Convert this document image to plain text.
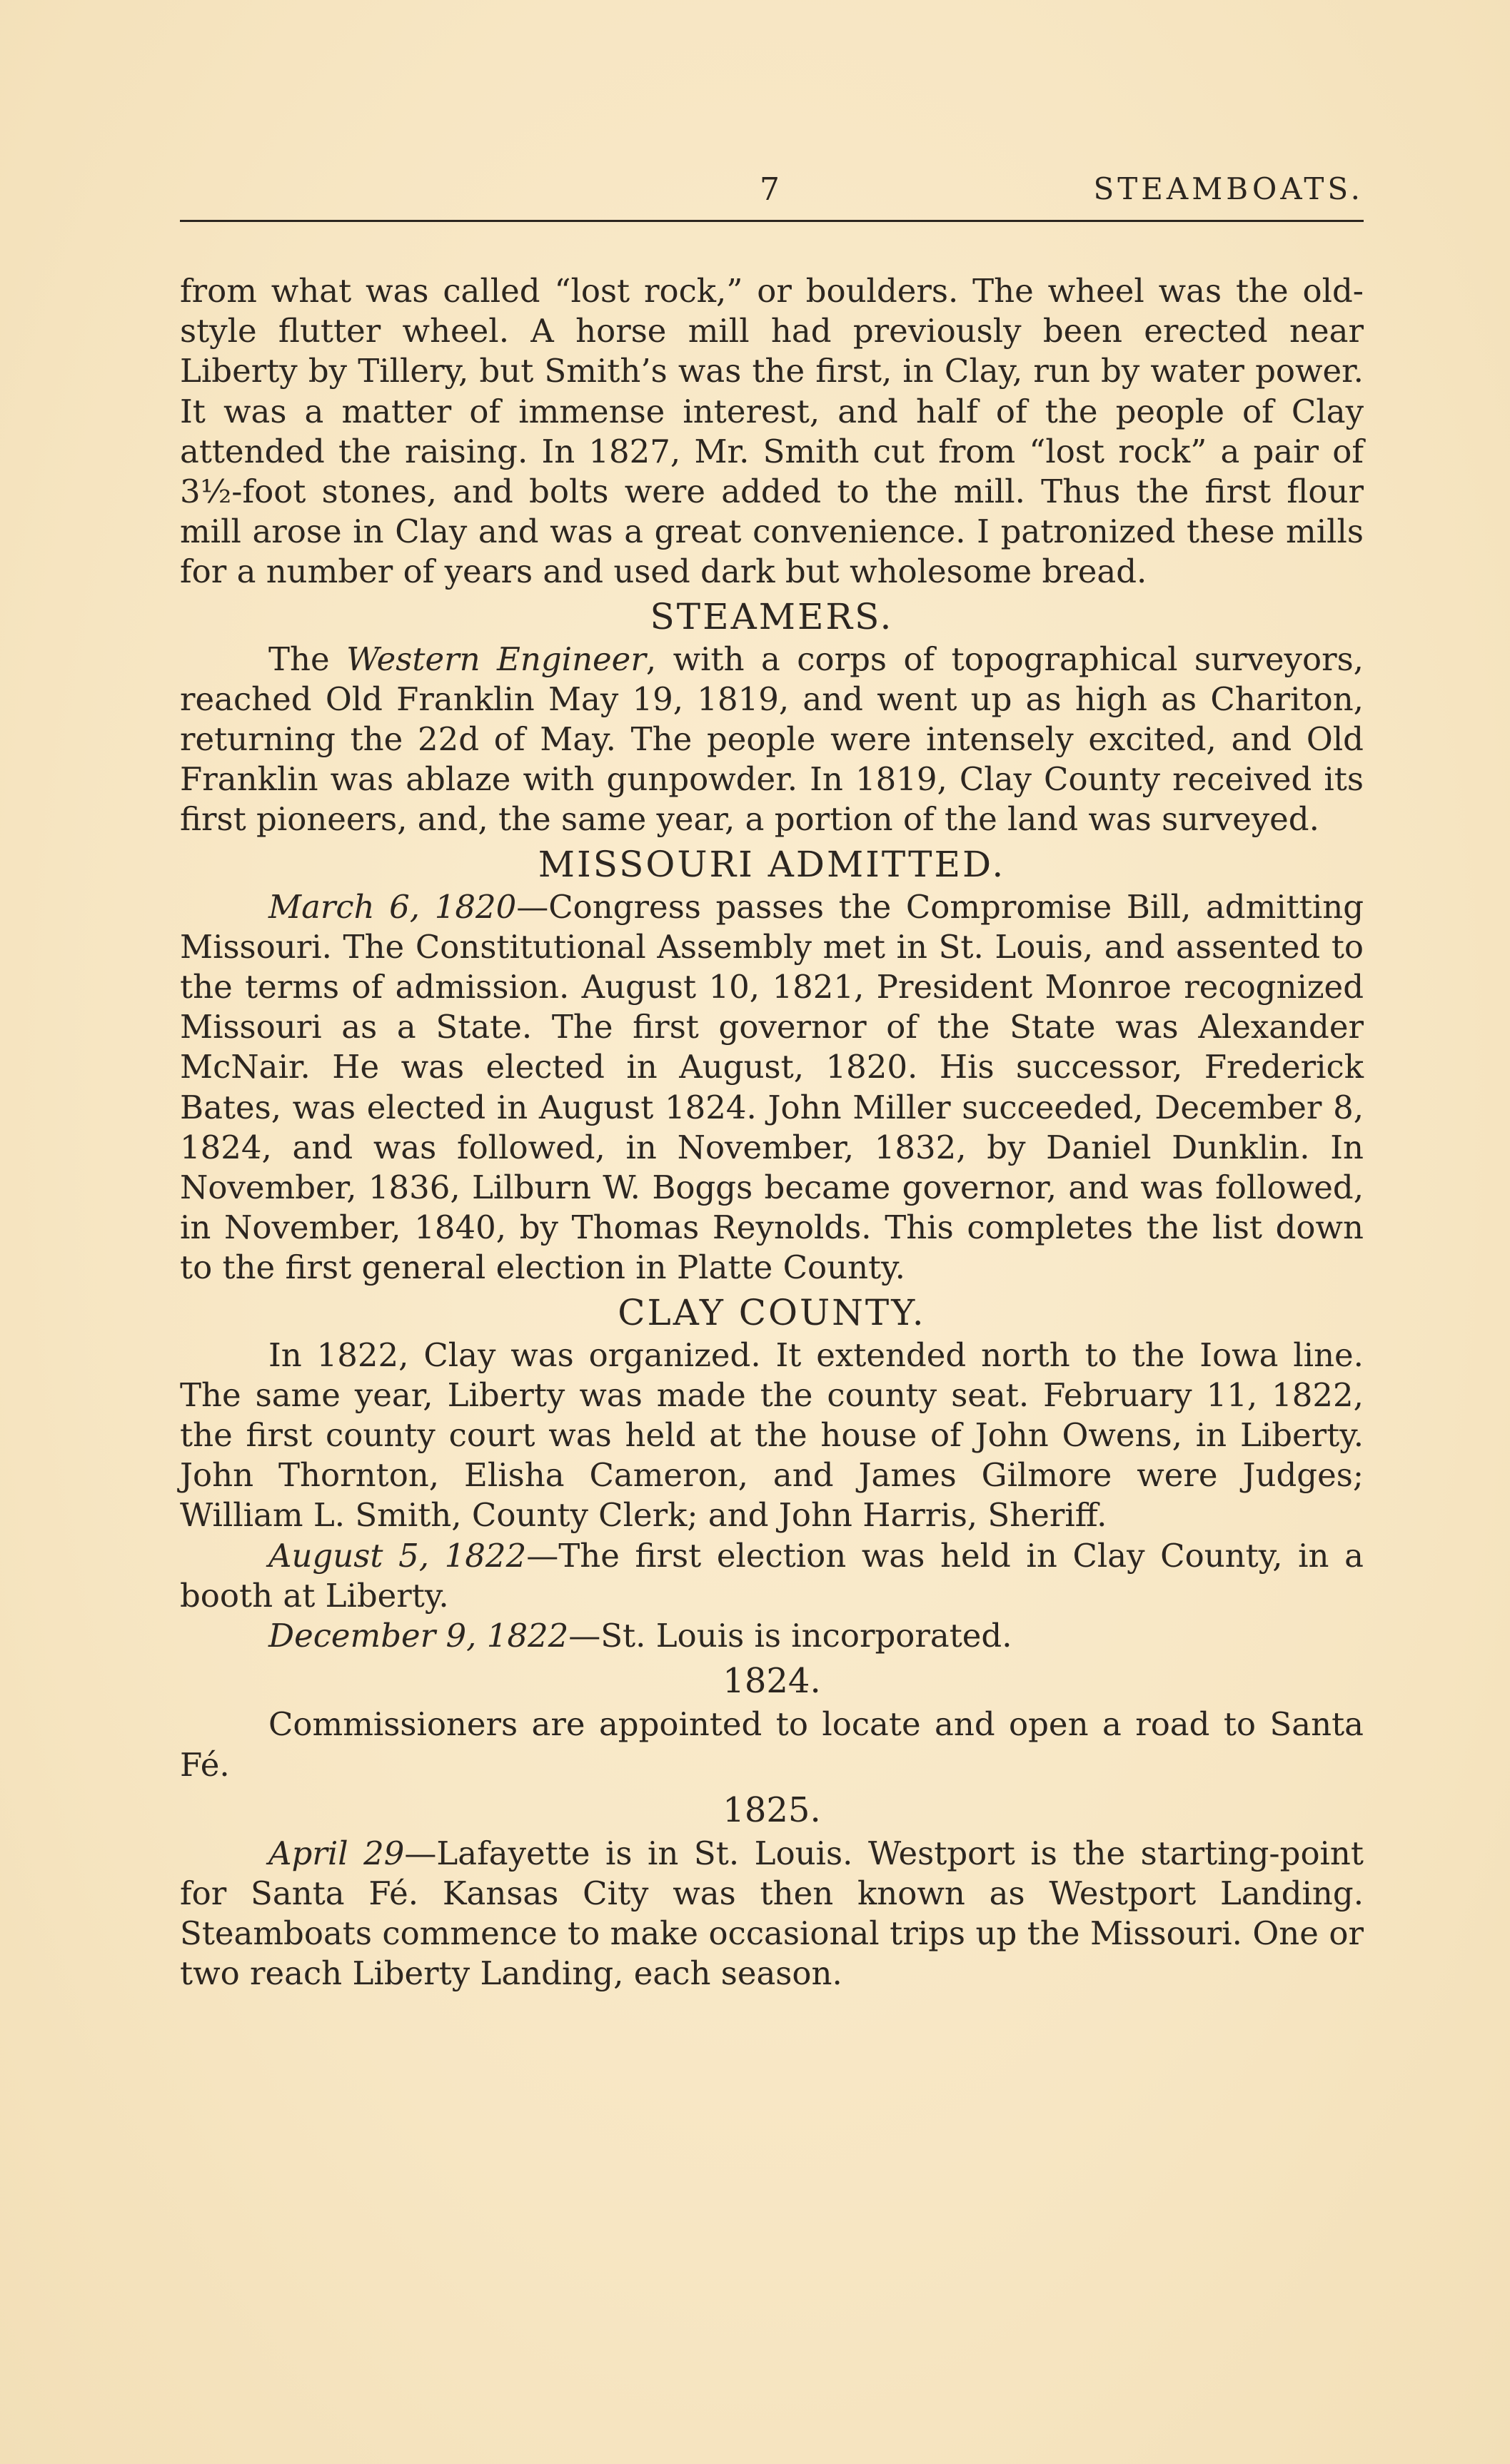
7	STEAMBOATS.

from what was called “lost rock,” or boulders. The wheel was the old-style flutter wheel. A horse mill had previously been erected near Liberty by Tillery, but Smith’s was the first, in Clay, run by water power. It was a matter of immense interest, and half of the people of Clay attended the raising. In 1827, Mr. Smith cut from “lost rock” a pair of 3½-foot stones, and bolts were added to the mill. Thus the first flour mill arose in Clay and was a great convenience. I patronized these mills for a number of years and used dark but wholesome bread.

STEAMERS.

The Western Engineer, with a corps of topographical surveyors, reached Old Franklin May 19, 1819, and went up as high as Chariton, returning the 22d of May. The people were intensely excited, and Old Franklin was ablaze with gunpowder. In 1819, Clay County received its first pioneers, and, the same year, a portion of the land was surveyed.

MISSOURI ADMITTED.

March 6, 1820—Congress passes the Compromise Bill, admitting Missouri. The Constitutional Assembly met in St. Louis, and assented to the terms of admission. August 10, 1821, President Monroe recognized Missouri as a State. The first governor of the State was Alexander McNair. He was elected in August, 1820. His successor, Frederick Bates, was elected in August 1824. John Miller succeeded, December 8, 1824, and was followed, in November, 1832, by Daniel Dunklin. In November, 1836, Lilburn W. Boggs became governor, and was followed, in November, 1840, by Thomas Reynolds. This completes the list down to the first general election in Platte County.

CLAY COUNTY.

In 1822, Clay was organized. It extended north to the Iowa line. The same year, Liberty was made the county seat. February 11, 1822, the first county court was held at the house of John Owens, in Liberty. John Thornton, Elisha Cameron, and James Gilmore were Judges; William L. Smith, County Clerk; and John Harris, Sheriff.

August 5, 1822—The first election was held in Clay County, in a booth at Liberty.

December 9, 1822—St. Louis is incorporated.

1824.

Commissioners are appointed to locate and open a road to Santa Fé.

1825.

April 29—Lafayette is in St. Louis. Westport is the starting-point for Santa Fé. Kansas City was then known as Westport Landing. Steamboats commence to make occasional trips up the Missouri. One or two reach Liberty Landing, each season.
